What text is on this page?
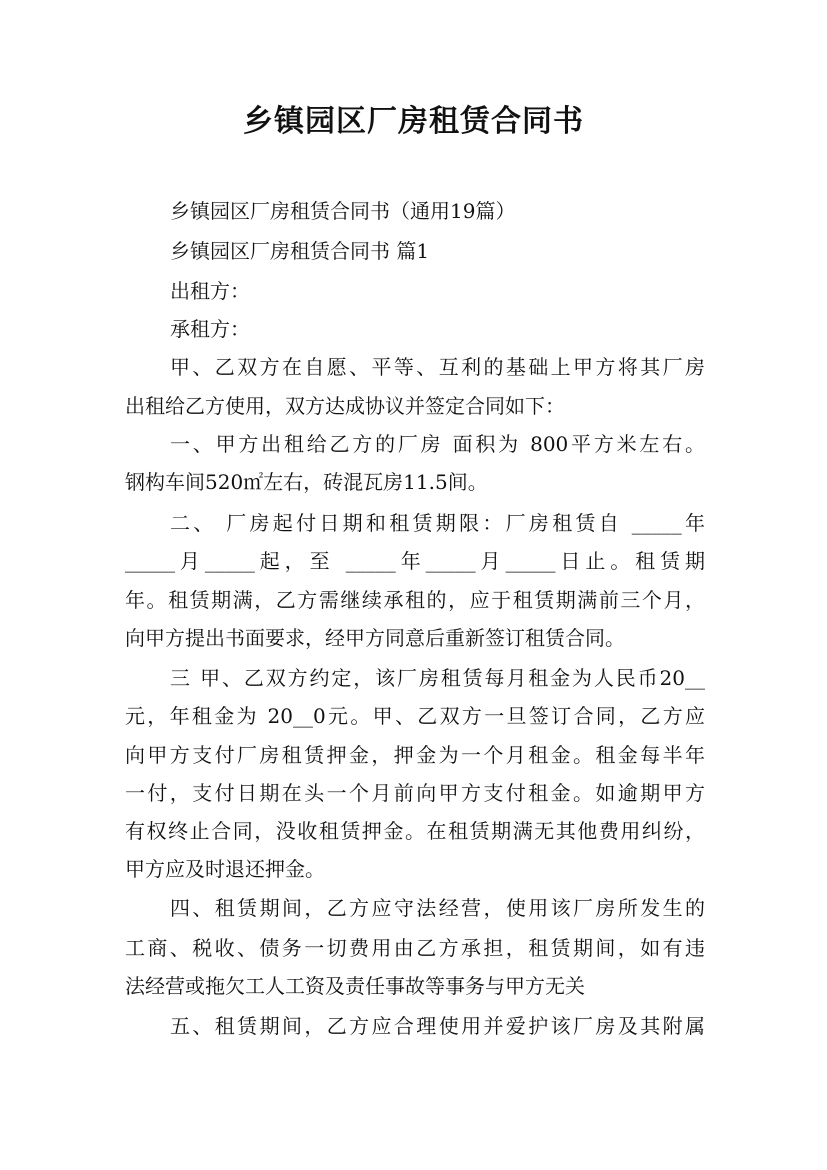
乡镇园区厂房租赁合同书
乡镇园区厂房租赁合同书（通用19篇）
乡镇园区厂房租赁合同书 篇1
出租方：
承租方：
甲、乙双方在自愿、平等、互利的基础上甲方将其厂房
出租给乙方使用，双方达成协议并签定合同如下：
一、甲方出租给乙方的厂房 面积为 800平方米左右。
钢构车间520㎡左右，砖混瓦房11.5间。
二、 厂房起付日期和租赁期限：厂房租赁自 _____年
_____月_____起，至 _____年_____月_____日止。租赁期
年。租赁期满，乙方需继续承租的，应于租赁期满前三个月，
向甲方提出书面要求，经甲方同意后重新签订租赁合同。
三 甲、乙双方约定，该厂房租赁每月租金为人民币20__
元，年租金为 20__0元。甲、乙双方一旦签订合同，乙方应
向甲方支付厂房租赁押金，押金为一个月租金。租金每半年
一付，支付日期在头一个月前向甲方支付租金。如逾期甲方
有权终止合同，没收租赁押金。在租赁期满无其他费用纠纷，
甲方应及时退还押金。
四、租赁期间，乙方应守法经营，使用该厂房所发生的
工商、税收、债务一切费用由乙方承担，租赁期间，如有违
法经营或拖欠工人工资及责任事故等事务与甲方无关
五、租赁期间，乙方应合理使用并爱护该厂房及其附属
